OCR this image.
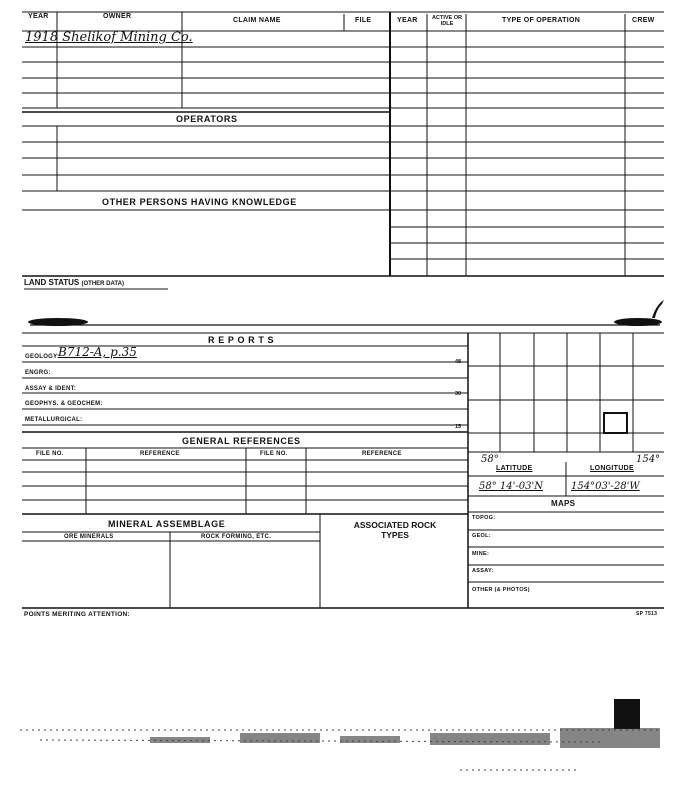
YEAR	OWNER
CLAIM NAME	FILE	YEAR	ACTIVE OR IDLE	TYPE OF OPERATION	CREW
1918 Shelikof Mining Co.
OPERATORS
OTHER PERSONS HAVING KNOWLEDGE
LAND STATUS (OTHER DATA)
R E P O R T S
GEOLOGY:
B712-A, p.35
ENGRG:
ASSAY & IDENT:
GEOPHYS. & GEOCHEM:
METALLURGICAL:
48
30
15
GENERAL REFERENCES
FILE NO.	REFERENCE	FILE NO.	REFERENCE
MINERAL ASSEMBLAGE
ORE MINERALS	ROCK FORMING, ETC.
ASSOCIATED ROCK TYPES
58°	154°
LATITUDE	LONGITUDE
58° 14'-03'N	154°03'-28'W
MAPS
TOPOG:
GEOL:
MINE:
ASSAY:
OTHER (& PHOTOS)
POINTS MERITING ATTENTION:	SP 7513
